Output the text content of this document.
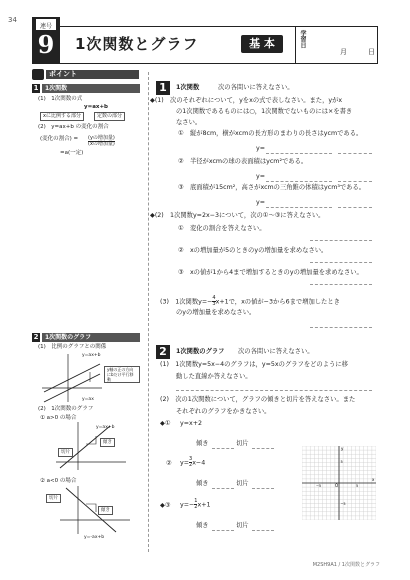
34
連号
9	1次関数とグラフ	基 本	学習日
月	日
ポイント
1	1次関数
(1)　1次関数の式
y=ax+b
xに比例する部分	定数の部分
(2)　y=ax+b の変化の割合
(変化の割合) = $\frac{\text{(yの増加量)}}{\text{(xの増加量)}}$
=a(一定)
2	1次関数のグラフ
(1)　比例のグラフとの関係
y=ax+b
y=ax
y軸の正の方向にbだけ平行移動
(2)　1次関数のグラフ
① a>0 の場合
y=ax+b
傾き
切片
② a<0 の場合
切片
傾き
y=-ax+b
1	1次関数	次の各問いに答えなさい。
◆(1)　次のそれぞれについて，yをxの式で表しなさい。また，yがx
の1次関数であるものには○，1次関数でないものには×を書き
なさい。
①　縦が8cm，横がxcmの長方形のまわりの長さはycmである。
y=
②　半径がxcmの球の表面積はycm²である。
y=
③　底面積が15cm²，高さがxcmの三角錐の体積はycm³である。
y=
◆(2)　1次関数y=2x−3について，次の①〜③に答えなさい。
①　変化の割合を答えなさい。
②　xの増加量が5のときのyの増加量を求めなさい。
③　xの値が1から4まで増加するときのyの増加量を求めなさい。
(3)　1次関数$y=- \frac{4}{3} x+1$で，xの値が−3から6まで増加したとき
のyの増加量を求めなさい。
2	1次関数のグラフ 次の各問いに答えなさい。
(1)　1次関数y=5x−4のグラフは，y=5xのグラフをどのように移
動した直線か答えなさい。
(2)　次の1次関数について，グラフの傾きと切片を答えなさい。また
それぞれのグラフをかきなさい。
◆① y=x+2
傾き	切片
② $y= \frac{3}{2} x-4$
傾き	切片
◆③ $y=- \frac{1}{2} x+1$
傾き	切片
x
y
O
5
−5
5
−5
M2SH9A1 / 1次関数とグラフ
